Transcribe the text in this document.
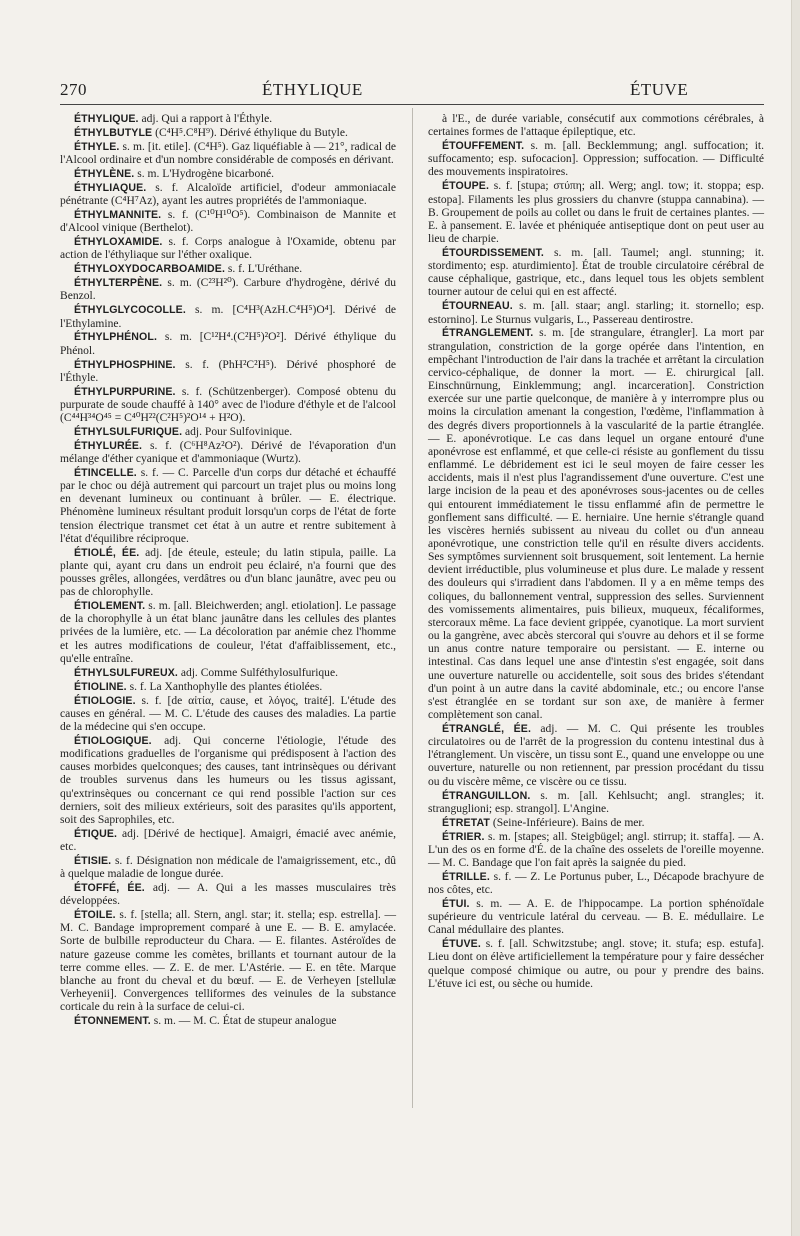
270	ÉTHYLIQUE	ÉTUVE

ÉTHYLIQUE. adj. Qui a rapport à l'Éthyle.

ÉTHYLBUTYLE (C⁴H⁵.C⁸H⁹). Dérivé éthylique du Butyle.

ÉTHYLE. s. m. [it. etile]. (C⁴H⁵). Gaz liquéfiable à — 21°, radical de l'Alcool ordinaire et d'un nombre considérable de composés en dérivant.

ÉTHYLÈNE. s. m. L'Hydrogène bicarboné.

ÉTHYLIAQUE. s. f. Alcaloïde artificiel, d'odeur ammoniacale pénétrante (C⁴H⁷Az), ayant les autres propriétés de l'ammoniaque.

ÉTHYLMANNITE. s. f. (C¹⁰H¹⁰O⁵). Combinaison de Mannite et d'Alcool vinique (Berthelot).

ÉTHYLOXAMIDE. s. f. Corps analogue à l'Oxamide, obtenu par action de l'éthyliaque sur l'éther oxalique.

ÉTHYLOXYDOCARBOAMIDE. s. f. L'Uréthane.

ÉTHYLTERPÈNE. s. m. (C²³H²⁰). Carbure d'hydrogène, dérivé du Benzol.

ÉTHYLGLYCOCOLLE. s. m. [C⁴H³(AzH.C⁴H⁵)O⁴]. Dérivé de l'Ethylamine.

ÉTHYLPHÉNOL. s. m. [C¹²H⁴.(C²H⁵)²O²]. Dérivé éthylique du Phénol.

ÉTHYLPHOSPHINE. s. f. (PhH²C²H⁵). Dérivé phosphoré de l'Éthyle.

ÉTHYLPURPURINE. s. f. (Schützenberger). Composé obtenu du purpurate de soude chauffé à 140° avec de l'iodure d'éthyle et de l'alcool (C⁴⁴H³⁴O⁴⁵ = C⁴⁰H²²(C²H⁵)²O¹⁴ + H²O).

ÉTHYLSULFURIQUE. adj. Pour Sulfovinique.

ÉTHYLURÉE. s. f. (C⁶H⁸Az²O²). Dérivé de l'évaporation d'un mélange d'éther cyanique et d'ammoniaque (Wurtz).

ÉTINCELLE. s. f. — C. Parcelle d'un corps dur détaché et échauffé par le choc ou déjà autrement qui parcourt un trajet plus ou moins long en devenant lumineux ou continuant à brûler. — E. électrique. Phénomène lumineux résultant produit lorsqu'un corps de l'état de forte tension électrique transmet cet état à un autre et rentre subitement à l'état d'équilibre réciproque.

ÉTIOLÉ, ÉE. adj. [de éteule, esteule; du latin stipula, paille. La plante qui, ayant cru dans un endroit peu éclairé, n'a fourni que des pousses grêles, allongées, verdâtres ou d'un blanc jaunâtre, avec peu ou pas de chlorophylle.

ÉTIOLEMENT. s. m. [all. Bleichwerden; angl. etiolation]. Le passage de la chorophylle à un état blanc jaunâtre dans les cellules des plantes privées de la lumière, etc. — La décoloration par anémie chez l'homme et les autres modifications de couleur, l'état d'affaiblissement, etc., qu'elle entraîne.

ÉTHYLSULFUREUX. adj. Comme Sulféthylosulfurique.

ÉTIOLINE. s. f. La Xanthophylle des plantes étiolées.

ÉTIOLOGIE. s. f. [de αἰτία, cause, et λόγος, traité]. L'étude des causes en général. — M. C. L'étude des causes des maladies. La partie de la médecine qui s'en occupe.

ÉTIOLOGIQUE. adj. Qui concerne l'étiologie, l'étude des modifications graduelles de l'organisme qui prédisposent à l'action des causes morbides quelconques; des causes, tant intrinsèques ou dérivant de troubles survenus dans les humeurs ou les tissus agissant, qu'extrinsèques ou concernant ce qui rend possible l'action sur ces derniers, soit des milieux extérieurs, soit des parasites qu'ils apportent, soit des Saprophiles, etc.

ÉTIQUE. adj. [Dérivé de hectique]. Amaigri, émacié avec anémie, etc.

ÉTISIE. s. f. Désignation non médicale de l'amaigrissement, etc., dû à quelque maladie de longue durée.

ÉTOFFÉ, ÉE. adj. — A. Qui a les masses musculaires très développées.

ÉTOILE. s. f. [stella; all. Stern, angl. star; it. stella; esp. estrella]. — M. C. Bandage improprement comparé à une E. — B. E. amylacée. Sorte de bulbille reproducteur du Chara. — E. filantes. Astéroïdes de nature gazeuse comme les comètes, brillants et tournant autour de la terre comme elles. — Z. E. de mer. L'Astérie. — E. en tête. Marque blanche au front du cheval et du bœuf. — E. de Verheyen [stellulæ Verheyenii]. Convergences telliformes des veinules de la substance corticale du rein à la surface de celui-ci.

ÉTONNEMENT. s. m. — M. C. État de stupeur analogue

à l'E., de durée variable, consécutif aux commotions cérébrales, à certaines formes de l'attaque épileptique, etc.

ÉTOUFFEMENT. s. m. [all. Becklemmung; angl. suffocation; it. suffocamento; esp. sufocacion]. Oppression; suffocation. — Difficulté des mouvements inspiratoires.

ÉTOUPE. s. f. [stupa; στύπη; all. Werg; angl. tow; it. stoppa; esp. estopa]. Filaments les plus grossiers du chanvre (stuppa cannabina). — B. Groupement de poils au collet ou dans le fruit de certaines plantes. — E. à pansement. E. lavée et phéniquée antiseptique dont on peut user au lieu de charpie.

ÉTOURDISSEMENT. s. m. [all. Taumel; angl. stunning; it. stordimento; esp. aturdimiento]. État de trouble circulatoire cérébral de cause céphalique, gastrique, etc., dans lequel tous les objets semblent tourner autour de celui qui en est affecté.

ÉTOURNEAU. s. m. [all. staar; angl. starling; it. stornello; esp. estornino]. Le Sturnus vulgaris, L., Passereau dentirostre.

ÉTRANGLEMENT. s. m. [de strangulare, étrangler]. La mort par strangulation, constriction de la gorge opérée dans l'intention, en empêchant l'introduction de l'air dans la trachée et arrêtant la circulation cervico-céphalique, de donner la mort. — E. chirurgical [all. Einschnürnung, Einklemmung; angl. incarceration]. Constriction exercée sur une partie quelconque, de manière à y interrompre plus ou moins la circulation amenant la congestion, l'œdème, l'inflammation à des degrés divers proportionnels à la vascularité de la partie étranglée. — E. aponévrotique. Le cas dans lequel un organe entouré d'une aponévrose est enflammé, et que celle-ci résiste au gonflement du tissu enflammé. Le débridement est ici le seul moyen de faire cesser les accidents, mais il n'est plus l'agrandissement d'une ouverture. C'est une large incision de la peau et des aponévroses sous-jacentes ou de celles qui entourent immédiatement le tissu enflammé afin de permettre le gonflement sans difficulté. — E. herniaire. Une hernie s'étrangle quand les viscères herniés subissent au niveau du collet ou d'un anneau aponévrotique, une constriction telle qu'il en résulte divers accidents. Ses symptômes surviennent soit brusquement, soit lentement. La hernie devient irréductible, plus volumineuse et plus dure. Le malade y ressent des douleurs qui s'irradient dans l'abdomen. Il y a en même temps des coliques, du ballonnement ventral, suppression des selles. Surviennent des vomissements alimentaires, puis bilieux, muqueux, fécaliformes, stercoraux même. La face devient grippée, cyanotique. La mort survient ou la gangrène, avec abcès stercoral qui s'ouvre au dehors et il se forme un anus contre nature temporaire ou persistant. — E. interne ou intestinal. Cas dans lequel une anse d'intestin s'est engagée, soit dans une ouverture naturelle ou accidentelle, soit sous des brides s'étendant d'un point à un autre dans la cavité abdominale, etc.; ou encore l'anse s'est étranglée en se tordant sur son axe, de manière à fermer complètement son canal.

ÉTRANGLÉ, ÉE. adj. — M. C. Qui présente les troubles circulatoires ou de l'arrêt de la progression du contenu intestinal dus à l'étranglement. Un viscère, un tissu sont E., quand une enveloppe ou une ouverture, naturelle ou non retiennent, par pression procédant du tissu ou du viscère même, ce viscère ou ce tissu.

ÉTRANGUILLON. s. m. [all. Kehlsucht; angl. strangles; it. stranguglioni; esp. strangol]. L'Angine.

ÉTRETAT (Seine-Inférieure). Bains de mer.

ÉTRIER. s. m. [stapes; all. Steigbügel; angl. stirrup; it. staffa]. — A. L'un des os en forme d'É. de la chaîne des osselets de l'oreille moyenne. — M. C. Bandage que l'on fait après la saignée du pied.

ÉTRILLE. s. f. — Z. Le Portunus puber, L., Décapode brachyure de nos côtes, etc.

ÉTUI. s. m. — A. E. de l'hippocampe. La portion sphénoïdale supérieure du ventricule latéral du cerveau. — B. E. médullaire. Le Canal médullaire des plantes.

ÉTUVE. s. f. [all. Schwitzstube; angl. stove; it. stufa; esp. estufa]. Lieu dont on élève artificiellement la température pour y faire dessécher quelque composé chimique ou autre, ou pour y prendre des bains. L'étuve ici est, ou sèche ou humide.
